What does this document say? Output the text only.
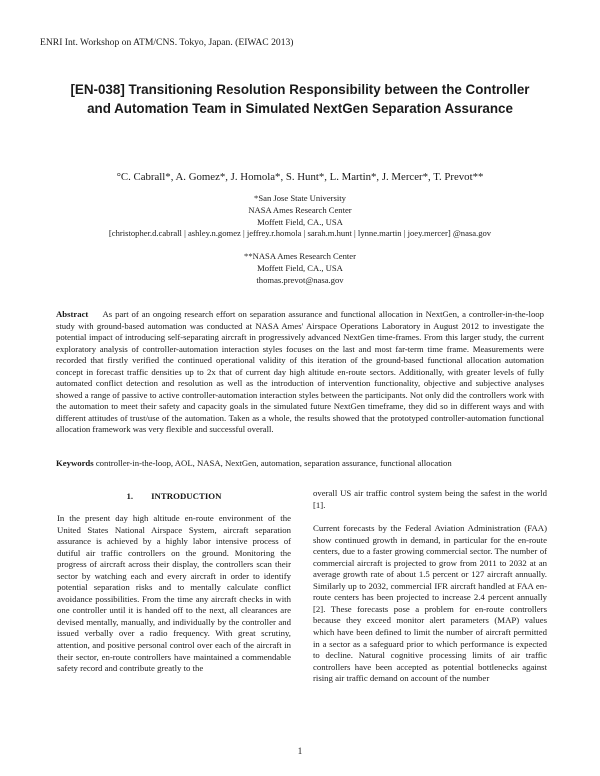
ENRI Int. Workshop on ATM/CNS. Tokyo, Japan. (EIWAC 2013)
[EN-038] Transitioning Resolution Responsibility between the Controller and Automation Team in Simulated NextGen Separation Assurance
°C. Cabrall*, A. Gomez*, J. Homola*, S. Hunt*, L. Martin*, J. Mercer*, T. Prevot**
*San Jose State University
NASA Ames Research Center
Moffett Field, CA., USA
[christopher.d.cabrall | ashley.n.gomez | jeffrey.r.homola | sarah.m.hunt | lynne.martin | joey.mercer] @nasa.gov
**NASA Ames Research Center
Moffett Field, CA., USA
thomas.prevot@nasa.gov
Abstract As part of an ongoing research effort on separation assurance and functional allocation in NextGen, a controller-in-the-loop study with ground-based automation was conducted at NASA Ames' Airspace Operations Laboratory in August 2012 to investigate the potential impact of introducing self-separating aircraft in progressively advanced NextGen time-frames. From this larger study, the current exploratory analysis of controller-automation interaction styles focuses on the last and most far-term time frame. Measurements were recorded that firstly verified the continued operational validity of this iteration of the ground-based functional allocation automation concept in forecast traffic densities up to 2x that of current day high altitude en-route sectors. Additionally, with greater levels of fully automated conflict detection and resolution as well as the introduction of intervention functionality, objective and subjective analyses showed a range of passive to active controller-automation interaction styles between the participants. Not only did the controllers work with the automation to meet their safety and capacity goals in the simulated future NextGen timeframe, they did so in different ways and with different attitudes of trust/use of the automation. Taken as a whole, the results showed that the prototyped controller-automation functional allocation framework was very flexible and successful overall.
Keywords controller-in-the-loop, AOL, NASA, NextGen, automation, separation assurance, functional allocation
1. INTRODUCTION

In the present day high altitude en-route environment of the United States National Airspace System, aircraft separation assurance is achieved by a highly labor intensive process of dutiful air traffic controllers on the ground. Monitoring the progress of aircraft across their display, the controllers scan their sector by watching each and every aircraft in order to identify potential separation risks and to mentally calculate conflict avoidance possibilities. From the time any aircraft checks in with one controller until it is handed off to the next, all clearances are devised mentally, manually, and individually by the controller and issued verbally over a radio frequency. With great scrutiny, attention, and positive personal control over each of the aircraft in their sector, en-route controllers have maintained a commendable safety record and contribute greatly to the

overall US air traffic control system being the safest in the world [1].

Current forecasts by the Federal Aviation Administration (FAA) show continued growth in demand, in particular for the en-route centers, due to a faster growing commercial sector. The number of commercial aircraft is projected to grow from 2011 to 2032 at an average growth rate of about 1.5 percent or 127 aircraft annually. Similarly up to 2032, commercial IFR aircraft handled at FAA en-route centers has been projected to increase 2.4 percent annually [2]. These forecasts pose a problem for en-route controllers because they exceed monitor alert parameters (MAP) values which have been defined to limit the number of aircraft permitted in a sector as a safeguard prior to which performance is expected to decline. Natural cognitive processing limits of air traffic controllers have been accepted as potential bottlenecks against rising air traffic demand on account of the number

1
